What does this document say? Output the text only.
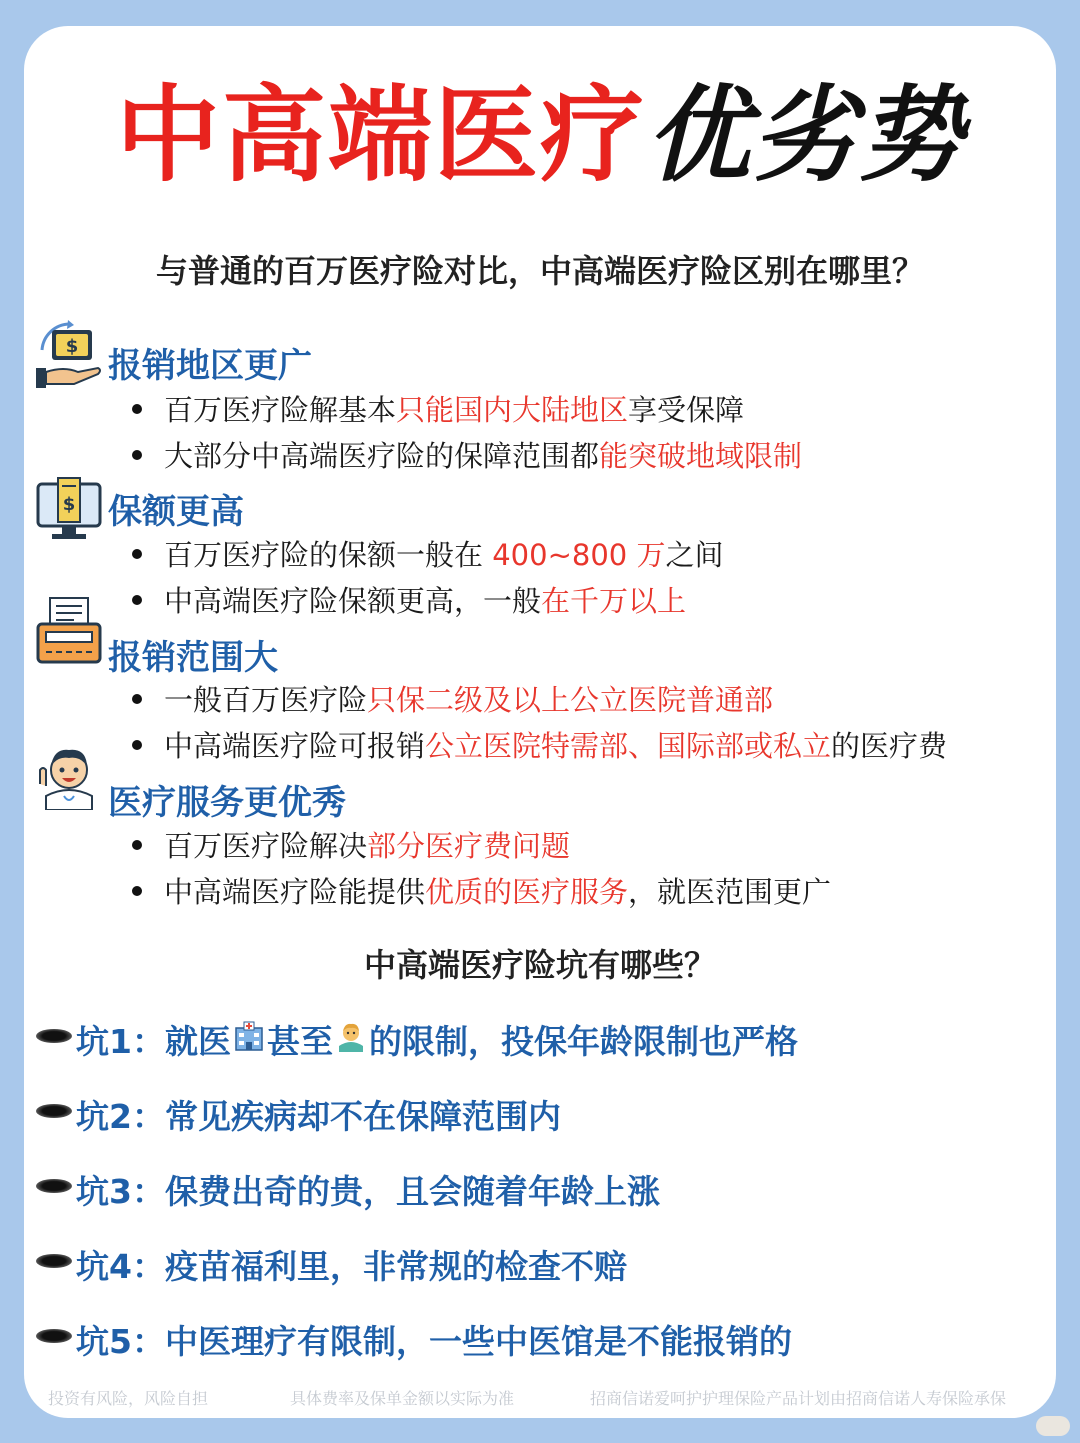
中高端医疗优劣势
与普通的百万医疗险对比，中高端医疗险区别在哪里？
$ 报销地区更广
百万医疗险解基本只能国内大陆地区享受保障
大部分中高端医疗险的保障范围都能突破地域限制
$ 保额更高
百万医疗险的保额一般在 400~800 万之间
中高端医疗险保额更高，一般在千万以上
报销范围大
一般百万医疗险只保二级及以上公立医院普通部
中高端医疗险可报销公立医院特需部、国际部或私立的医疗费
医疗服务更优秀
百万医疗险解决部分医疗费问题
中高端医疗险能提供优质的医疗服务，就医范围更广
中高端医疗险坑有哪些？
坑1：就医 甚至 的限制，投保年龄限制也严格
坑2：常见疾病却不在保障范围内
坑3：保费出奇的贵，且会随着年龄上涨
坑4：疫苗福利里，非常规的检查不赔
坑5：中医理疗有限制，一些中医馆是不能报销的
投资有风险，风险自担	具体费率及保单金额以实际为准	招商信诺爱呵护护理保险产品计划由招商信诺人寿保险承保
